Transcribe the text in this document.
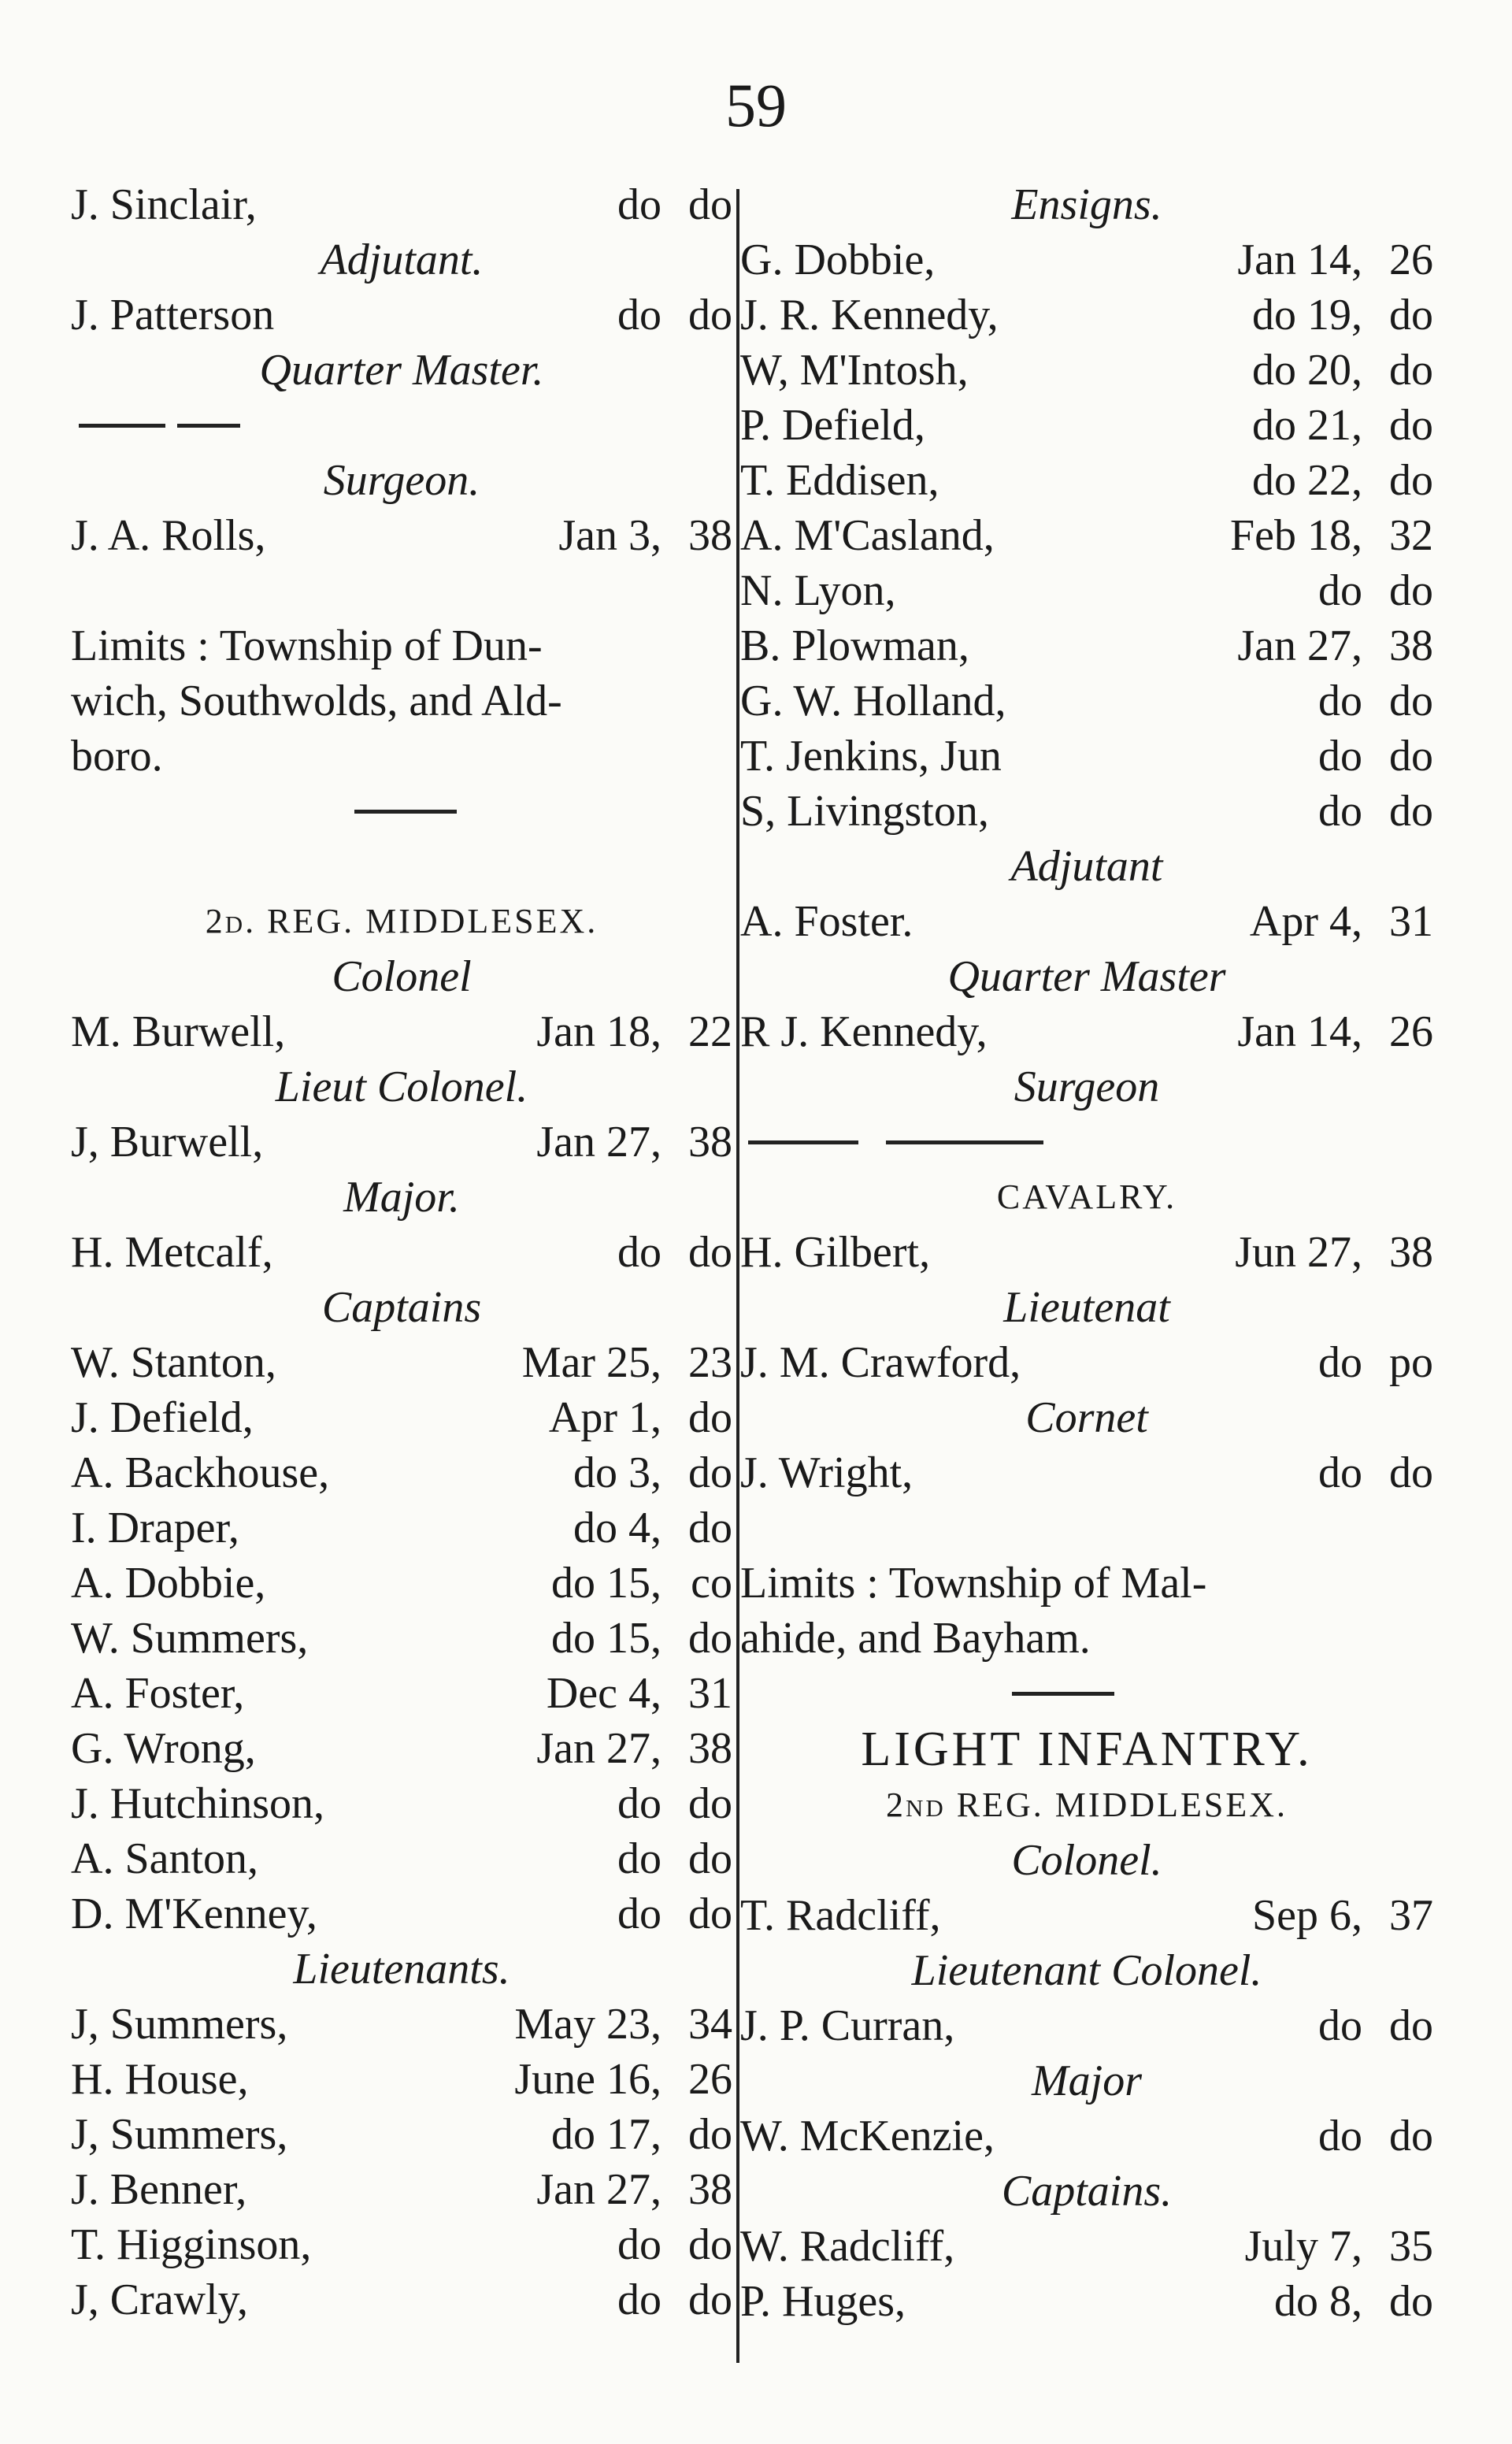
59
J. Sinclair,	do do
Adjutant.
J. Patterson	do do
Quarter Master.
Surgeon.
J. A. Rolls,	Jan 3, 38
Limits : Township of Dun-
wich, Southwolds, and Ald-
boro.
2d. REG. MIDDLESEX.
Colonel
M. Burwell,	Jan 18, 22
Lieut Colonel.
J, Burwell,	Jan 27, 38
Major.
H. Metcalf,	do do
Captains
W. Stanton,	Mar 25, 23
J. Defield,	Apr 1, do
A. Backhouse,	do 3, do
I. Draper,	do 4, do
A. Dobbie,	do 15, co
W. Summers,	do 15, do
A. Foster,	Dec 4, 31
G. Wrong,	Jan 27, 38
J. Hutchinson,	do do
A. Santon,	do do
D. M'Kenney,	do do
Lieutenants.
J, Summers,	May 23, 34
H. House,	June 16, 26
J, Summers,	do 17, do
J. Benner,	Jan 27, 38
T. Higginson,	do do
J, Crawly,	do do
Ensigns.
G. Dobbie,	Jan 14, 26
J. R. Kennedy,	do 19, do
W, M'Intosh,	do 20, do
P. Defield,	do 21, do
T. Eddisen,	do 22, do
A. M'Casland,	Feb 18, 32
N. Lyon,	do do
B. Plowman,	Jan 27, 38
G. W. Holland,	do do
T. Jenkins, Jun	do do
S, Livingston,	do do
Adjutant
A. Foster.	Apr 4, 31
Quarter Master
R J. Kennedy,	Jan 14, 26
Surgeon
CAVALRY.
H. Gilbert,	Jun 27, 38
Lieutenat
J. M. Crawford,	do po
Cornet
J. Wright,	do do
Limits : Township of Mal-
ahide, and Bayham.
LIGHT INFANTRY.
2nd REG. MIDDLESEX.
Colonel.
T. Radcliff,	Sep 6, 37
Lieutenant Colonel.
J. P. Curran,	do do
Major
W. McKenzie,	do do
Captains.
W. Radcliff,	July 7, 35
P. Huges,	do 8, do
